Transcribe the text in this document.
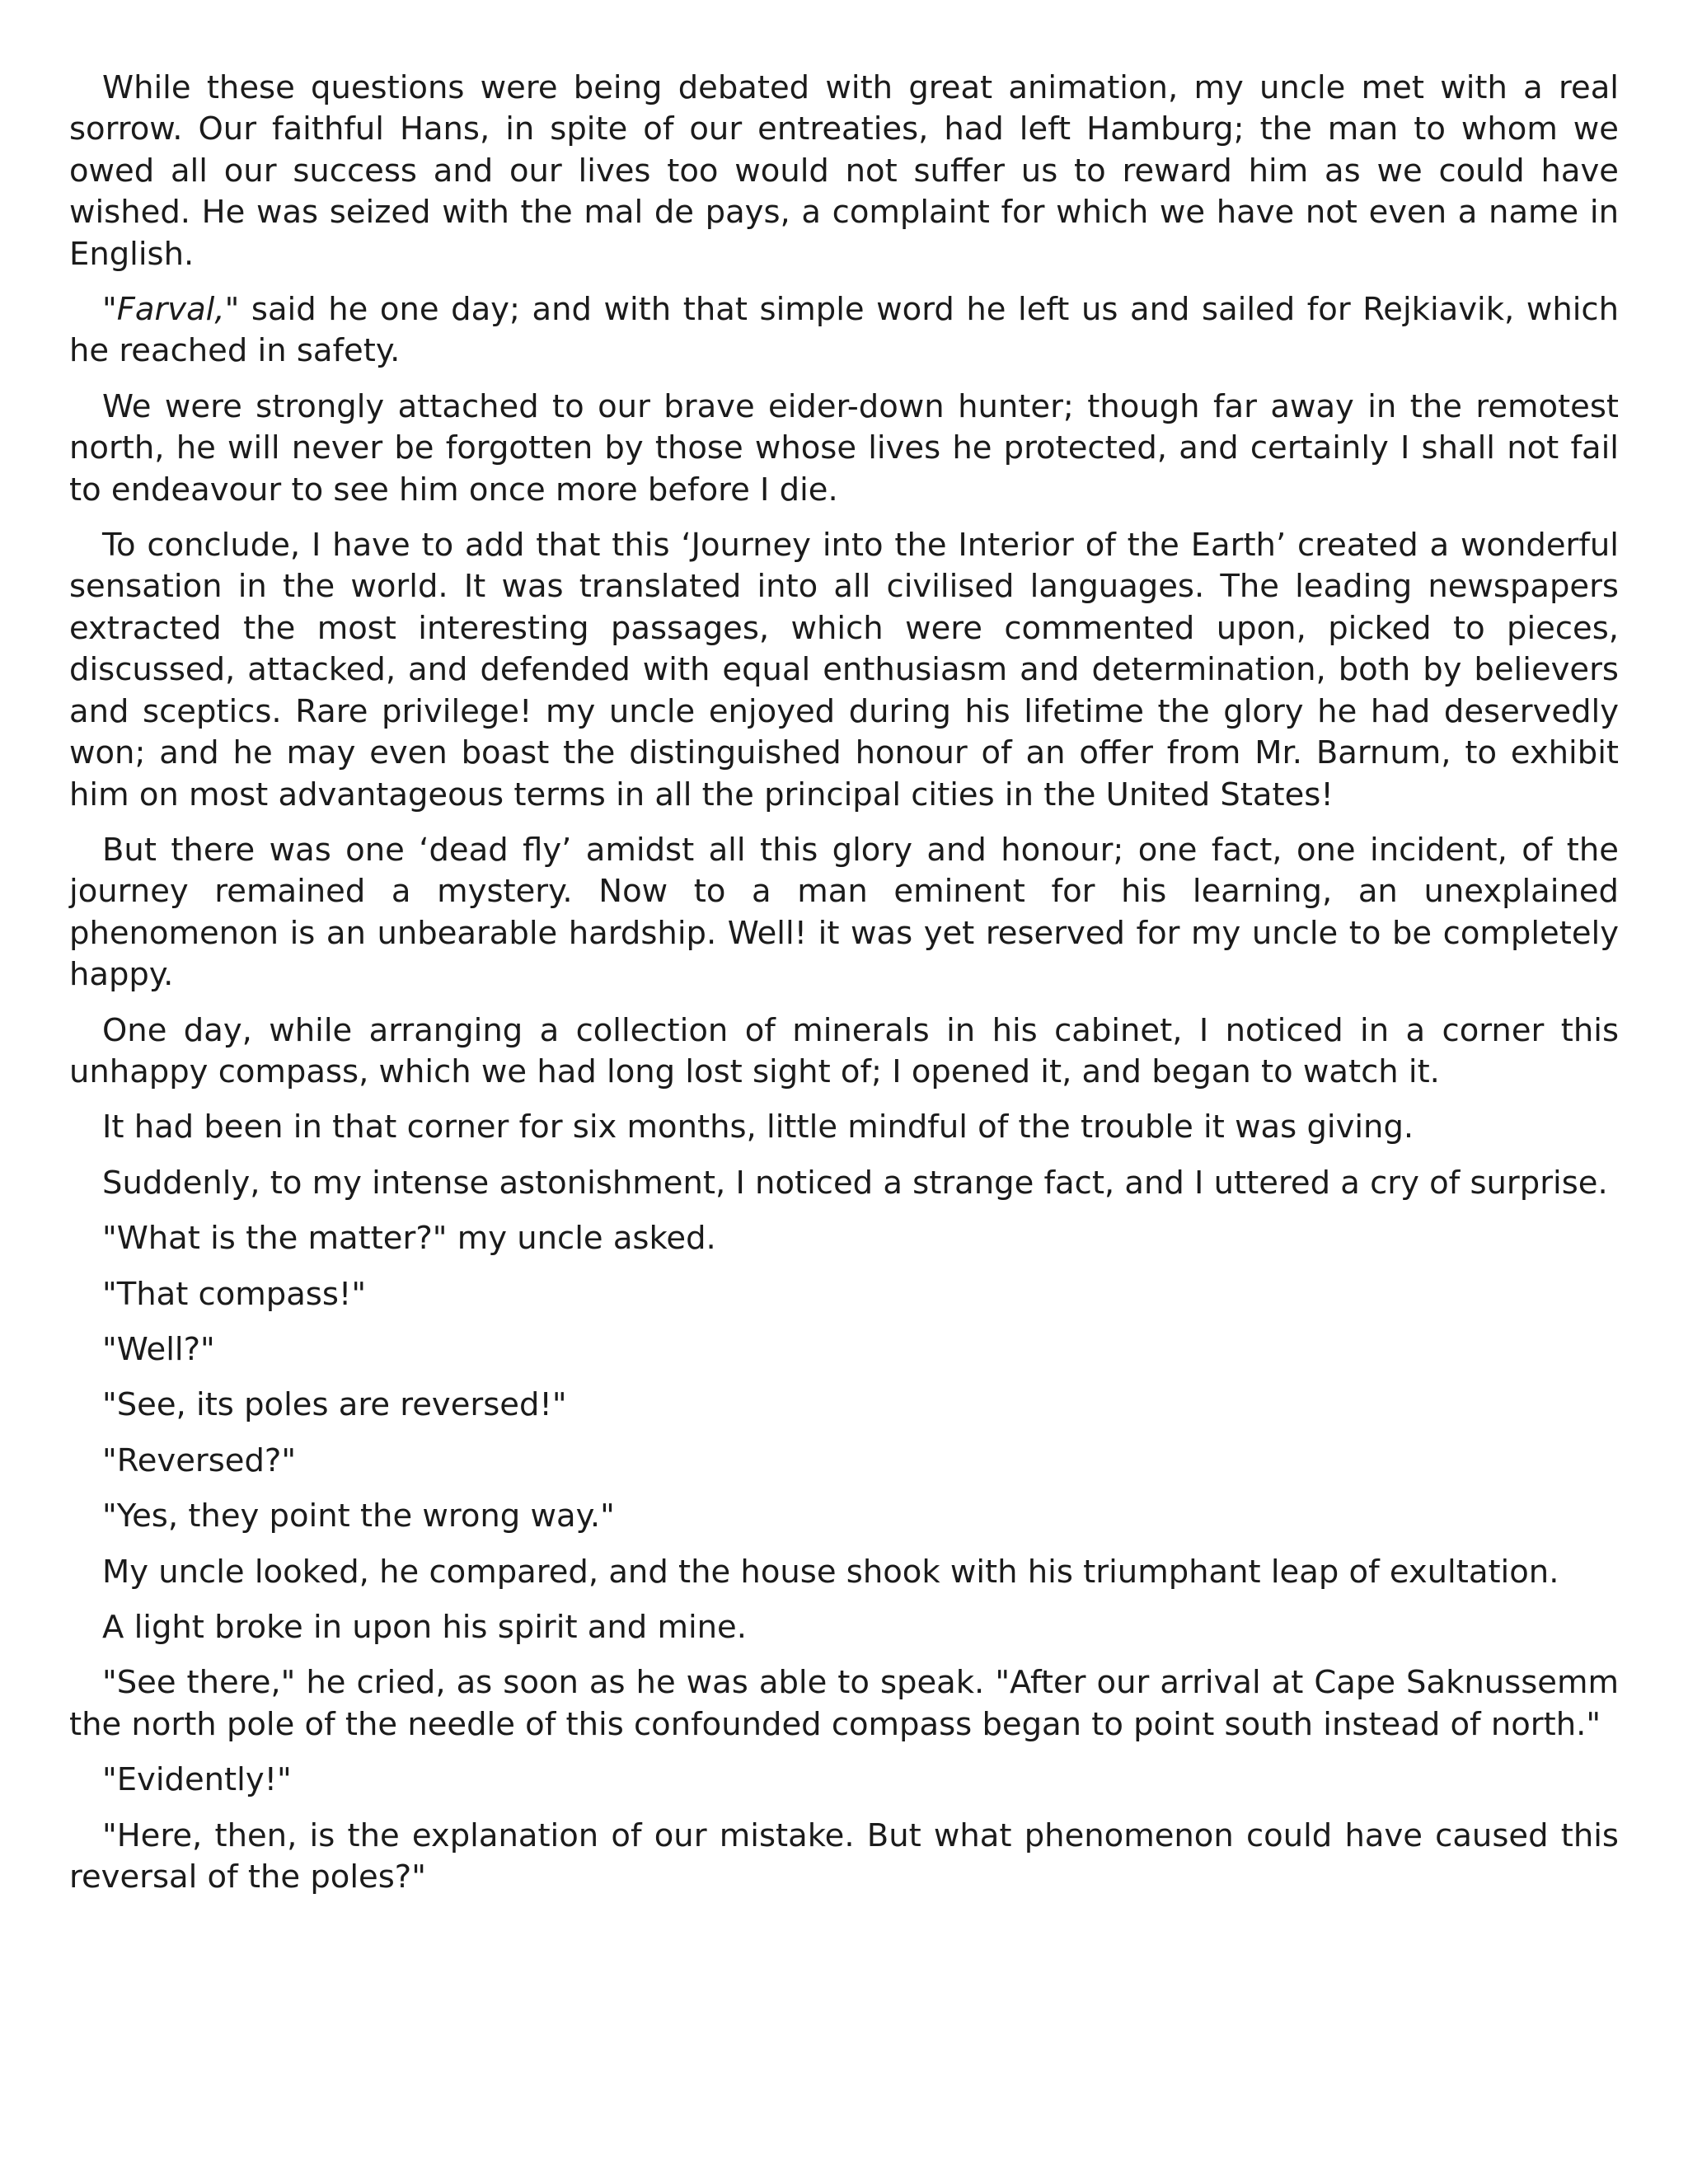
While these questions were being debated with great animation, my uncle met with a real sorrow. Our faithful Hans, in spite of our entreaties, had left Hamburg; the man to whom we owed all our success and our lives too would not suffer us to reward him as we could have wished. He was seized with the mal de pays, a complaint for which we have not even a name in English.

"Farval," said he one day; and with that simple word he left us and sailed for Rejkiavik, which he reached in safety.

We were strongly attached to our brave eider-down hunter; though far away in the remotest north, he will never be forgotten by those whose lives he protected, and certainly I shall not fail to endeavour to see him once more before I die.

To conclude, I have to add that this ‘Journey into the Interior of the Earth’ created a wonderful sensation in the world. It was translated into all civilised languages. The leading newspapers extracted the most interesting passages, which were commented upon, picked to pieces, discussed, attacked, and defended with equal enthusiasm and determination, both by believers and sceptics. Rare privilege! my uncle enjoyed during his lifetime the glory he had deservedly won; and he may even boast the distinguished honour of an offer from Mr. Barnum, to exhibit him on most advantageous terms in all the principal cities in the United States!

But there was one ‘dead fly’ amidst all this glory and honour; one fact, one incident, of the journey remained a mystery. Now to a man eminent for his learning, an unexplained phenomenon is an unbearable hardship. Well! it was yet reserved for my uncle to be completely happy.

One day, while arranging a collection of minerals in his cabinet, I noticed in a corner this unhappy compass, which we had long lost sight of; I opened it, and began to watch it.

It had been in that corner for six months, little mindful of the trouble it was giving.

Suddenly, to my intense astonishment, I noticed a strange fact, and I uttered a cry of surprise.

"What is the matter?" my uncle asked.

"That compass!"

"Well?"

"See, its poles are reversed!"

"Reversed?"

"Yes, they point the wrong way."

My uncle looked, he compared, and the house shook with his triumphant leap of exultation.

A light broke in upon his spirit and mine.

"See there," he cried, as soon as he was able to speak. "After our arrival at Cape Saknussemm the north pole of the needle of this confounded compass began to point south instead of north."

"Evidently!"

"Here, then, is the explanation of our mistake. But what phenomenon could have caused this reversal of the poles?"
